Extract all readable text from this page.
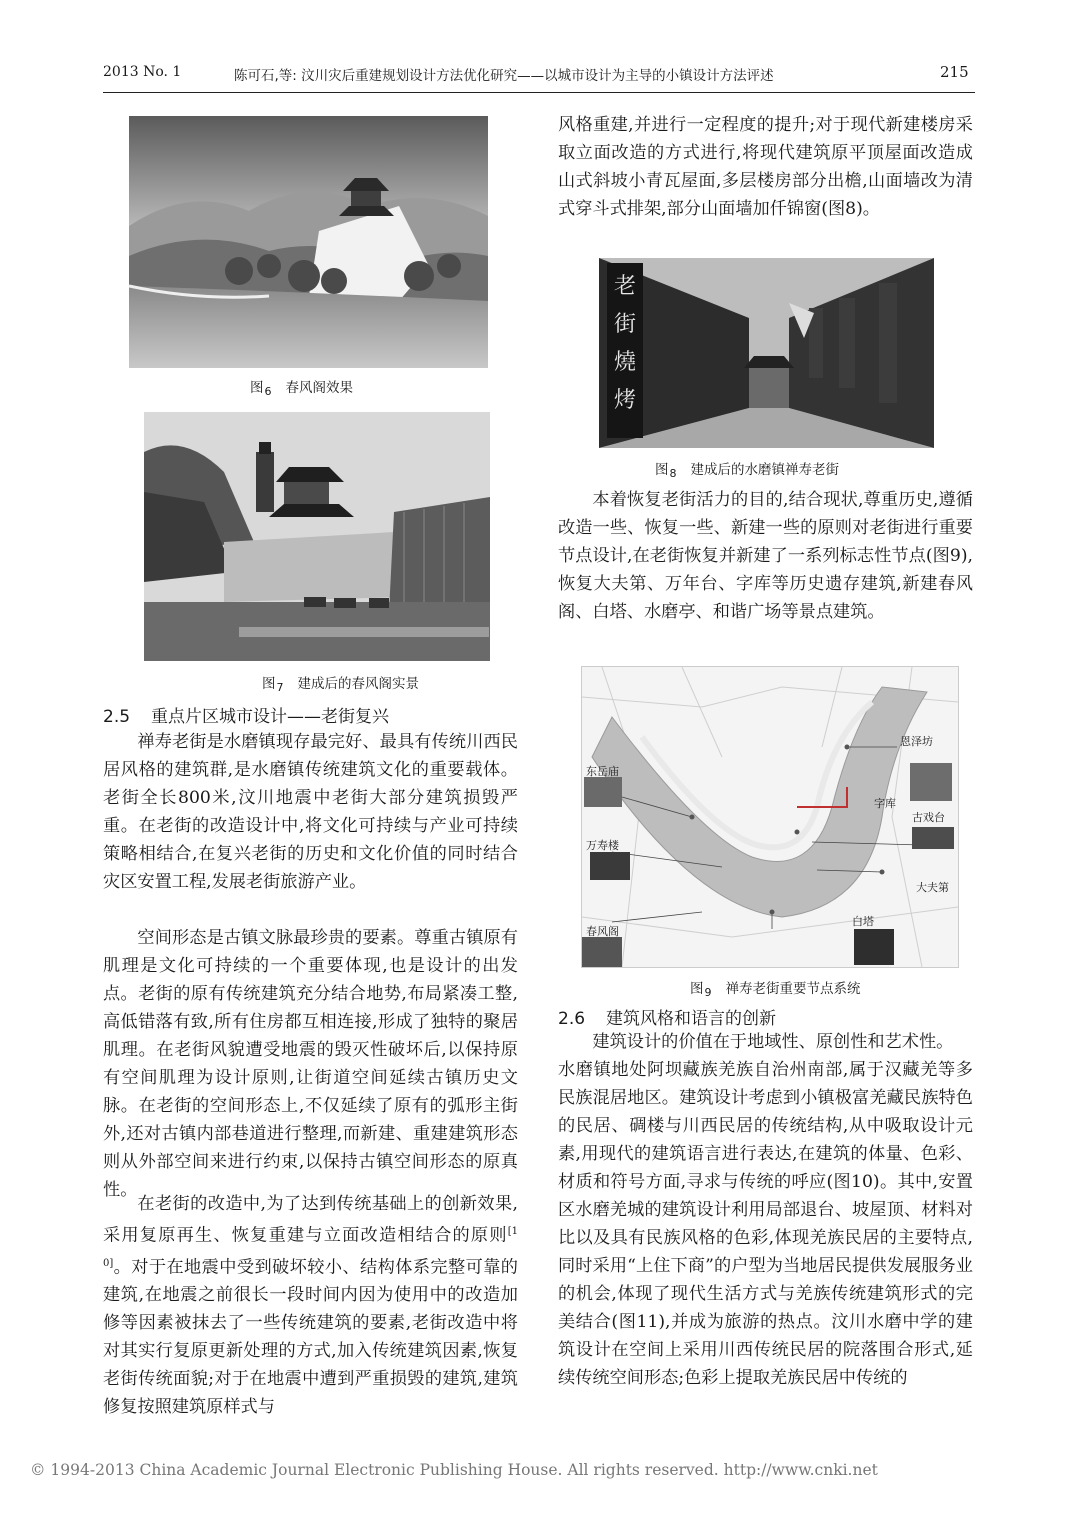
2013 No. 1	陈可石,等: 汶川灾后重建规划设计方法优化研究——以城市设计为主导的小镇设计方法评述	215
图$_6$ 春风阁效果
图$_7$ 建成后的春风阁实景
2.5 重点片区城市设计——老街复兴
禅寿老街是水磨镇现存最完好、最具有传统川西民居风格的建筑群,是水磨镇传统建筑文化的重要载体。老街全长800米,汶川地震中老街大部分建筑损毁严重。在老街的改造设计中,将文化可持续与产业可持续策略相结合,在复兴老街的历史和文化价值的同时结合灾区安置工程,发展老街旅游产业。
空间形态是古镇文脉最珍贵的要素。尊重古镇原有肌理是文化可持续的一个重要体现,也是设计的出发点。老街的原有传统建筑充分结合地势,布局紧凑工整,高低错落有致,所有住房都互相连接,形成了独特的聚居肌理。在老街风貌遭受地震的毁灭性破坏后,以保持原有空间肌理为设计原则,让街道空间延续古镇历史文脉。在老街的空间形态上,不仅延续了原有的弧形主街外,还对古镇内部巷道进行整理,而新建、重建建筑形态则从外部空间来进行约束,以保持古镇空间形态的原真性。
在老街的改造中,为了达到传统基础上的创新效果,采用复原再生、恢复重建与立面改造相结合的原则[10]。对于在地震中受到破坏较小、结构体系完整可靠的建筑,在地震之前很长一段时间内因为使用中的改造加修等因素被抹去了一些传统建筑的要素,老街改造中将对其实行复原更新处理的方式,加入传统建筑因素,恢复老街传统面貌;对于在地震中遭到严重损毁的建筑,建筑修复按照建筑原样式与
风格重建,并进行一定程度的提升;对于现代新建楼房采取立面改造的方式进行,将现代建筑原平顶屋面改造成山式斜坡小青瓦屋面,多层楼房部分出檐,山面墙改为清式穿斗式排架,部分山面墙加仟锦窗(图8)。
老
街
燒
烤
图$_8$ 建成后的水磨镇禅寿老街
本着恢复老街活力的目的,结合现状,尊重历史,遵循改造一些、恢复一些、新建一些的原则对老街进行重要节点设计,在老街恢复并新建了一系列标志性节点(图9),恢复大夫第、万年台、字库等历史遗存建筑,新建春风阁、白塔、水磨亭、和谐广场等景点建筑。
恩泽坊
东岳庙
字库
古戏台
万寿楼
大夫第
白塔
春风阁
图$_9$ 禅寿老街重要节点系统
2.6 建筑风格和语言的创新
建筑设计的价值在于地域性、原创性和艺术性。
水磨镇地处阿坝藏族羌族自治州南部,属于汉藏羌等多民族混居地区。建筑设计考虑到小镇极富羌藏民族特色的民居、碉楼与川西民居的传统结构,从中吸取设计元素,用现代的建筑语言进行表达,在建筑的体量、色彩、材质和符号方面,寻求与传统的呼应(图10)。其中,安置区水磨羌城的建筑设计利用局部退台、坡屋顶、材料对比以及具有民族风格的色彩,体现羌族民居的主要特点,同时采用“上住下商”的户型为当地居民提供发展服务业的机会,体现了现代生活方式与羌族传统建筑形式的完美结合(图11),并成为旅游的热点。汶川水磨中学的建筑设计在空间上采用川西传统民居的院落围合形式,延续传统空间形态;色彩上提取羌族民居中传统的
© 1994-2013 China Academic Journal Electronic Publishing House. All rights reserved. http://www.cnki.net
